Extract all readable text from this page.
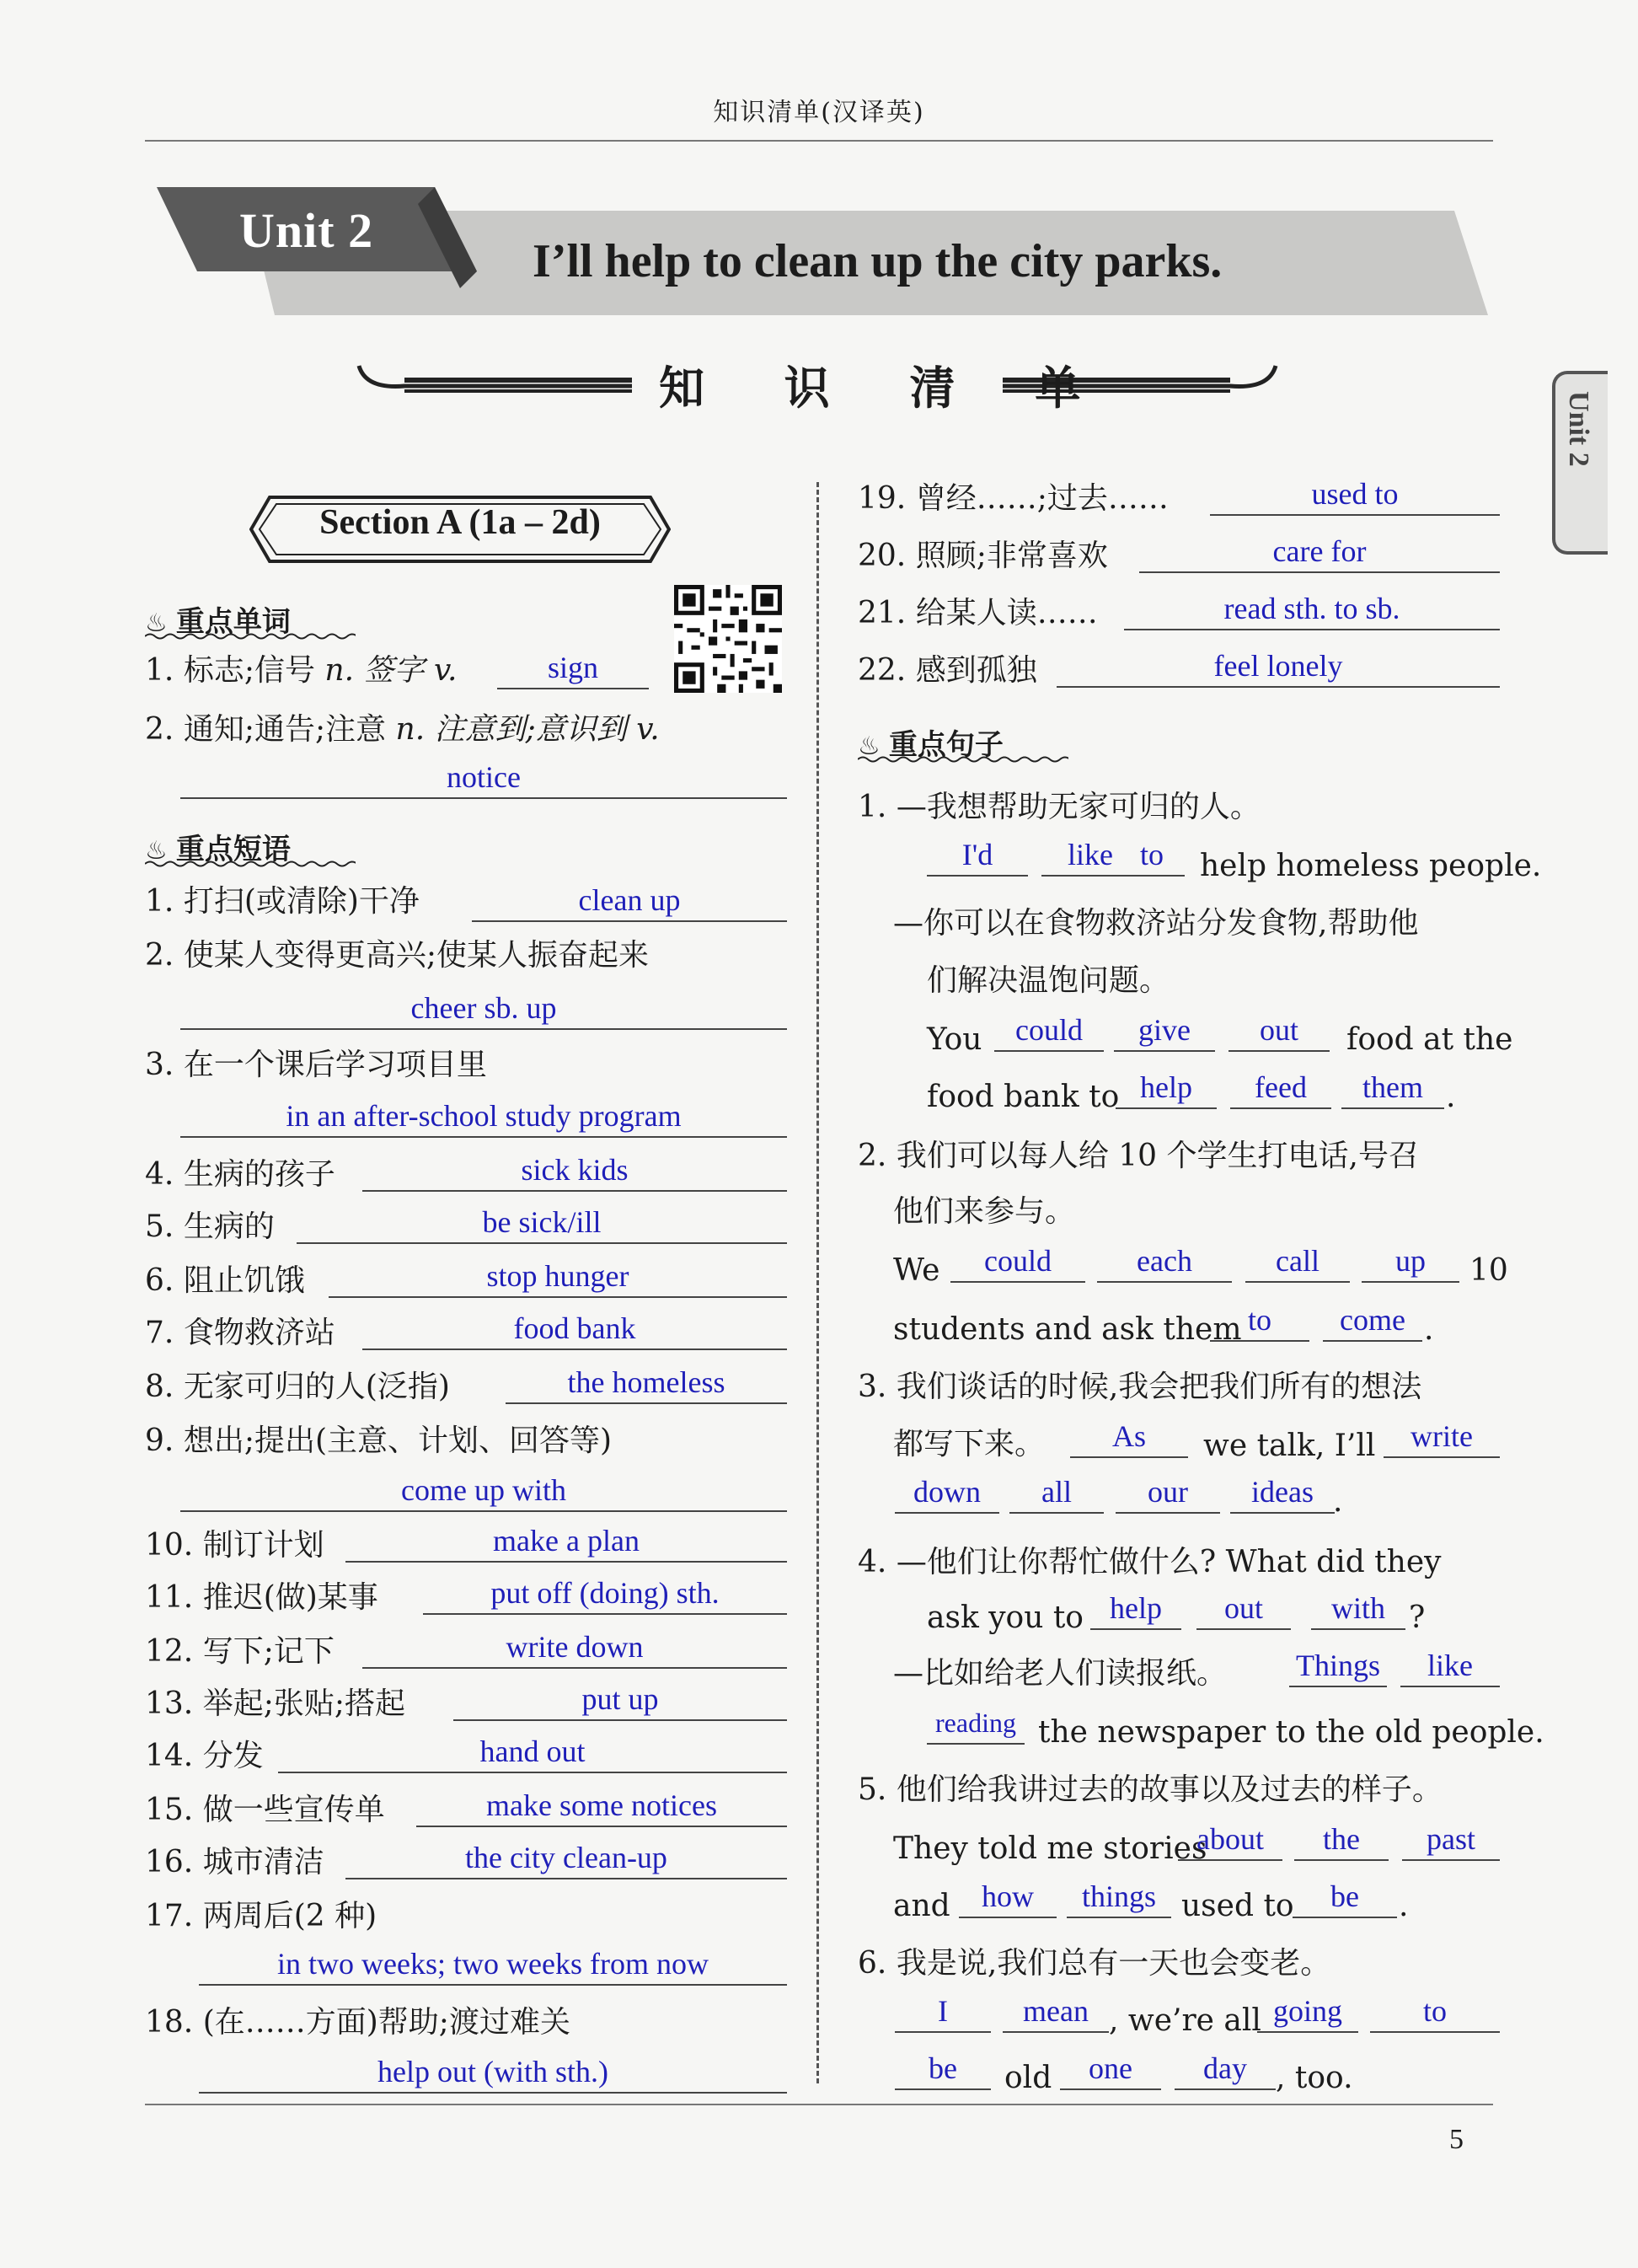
知识清单(汉译英)
Unit 2
I’ll help to clean up the city parks.
Unit 2
知 识 清 单
Section A (1a – 2d)
♨ 重点单词
♨ 重点短语
1. 标志;信号 n. 签字 v.	sign
2. 通知;通告;注意 n. 注意到;意识到 v.
notice
1. 打扫(或清除)干净	clean up
2. 使某人变得更高兴;使某人振奋起来
cheer sb. up
3. 在一个课后学习项目里
in an after-school study program
4. 生病的孩子	sick kids
5. 生病的	be sick/ill
6. 阻止饥饿	stop hunger
7. 食物救济站	food bank
8. 无家可归的人(泛指)	the homeless
9. 想出;提出(主意、计划、回答等)
come up with
10. 制订计划	make a plan
11. 推迟(做)某事	put off (doing) sth.
12. 写下;记下	write down
13. 举起;张贴;搭起	put up
14. 分发	hand out
15. 做一些宣传单	make some notices
16. 城市清洁	the city clean-up
17. 两周后(2 种)
in two weeks; two weeks from now
18. (在……方面)帮助;渡过难关
help out (with sth.)
19. 曾经……;过去……	used to
20. 照顾;非常喜欢	care for
21. 给某人读……	read sth. to sb.
22. 感到孤独	feel lonely
♨ 重点句子
1. —我想帮助无家可归的人。
I'd	like to	help homeless people.
—你可以在食物救济站分发食物,帮助他
们解决温饱问题。
You	could	give	out	food at the
food bank to help	feed	them .
2. 我们可以每人给 10 个学生打电话,号召
他们来参与。
We	could	each	call	up	10
students and ask them to	come .
3. 我们谈话的时候,我会把我们所有的想法
都写下来。	As	we talk, I’ll	write
down	all	our	ideas .
4. —他们让你帮忙做什么? What did they
ask you to help	out	with ?
—比如给老人们读报纸。 Things	like
reading the newspaper to the old people.
5. 他们给我讲过去的故事以及过去的样子。
They told me stories
about	the	past
and	how	things used to	be	.
6. 我是说,我们总有一天也会变老。
I	mean , we’re all going	to
be	old	one	day , too.
5
